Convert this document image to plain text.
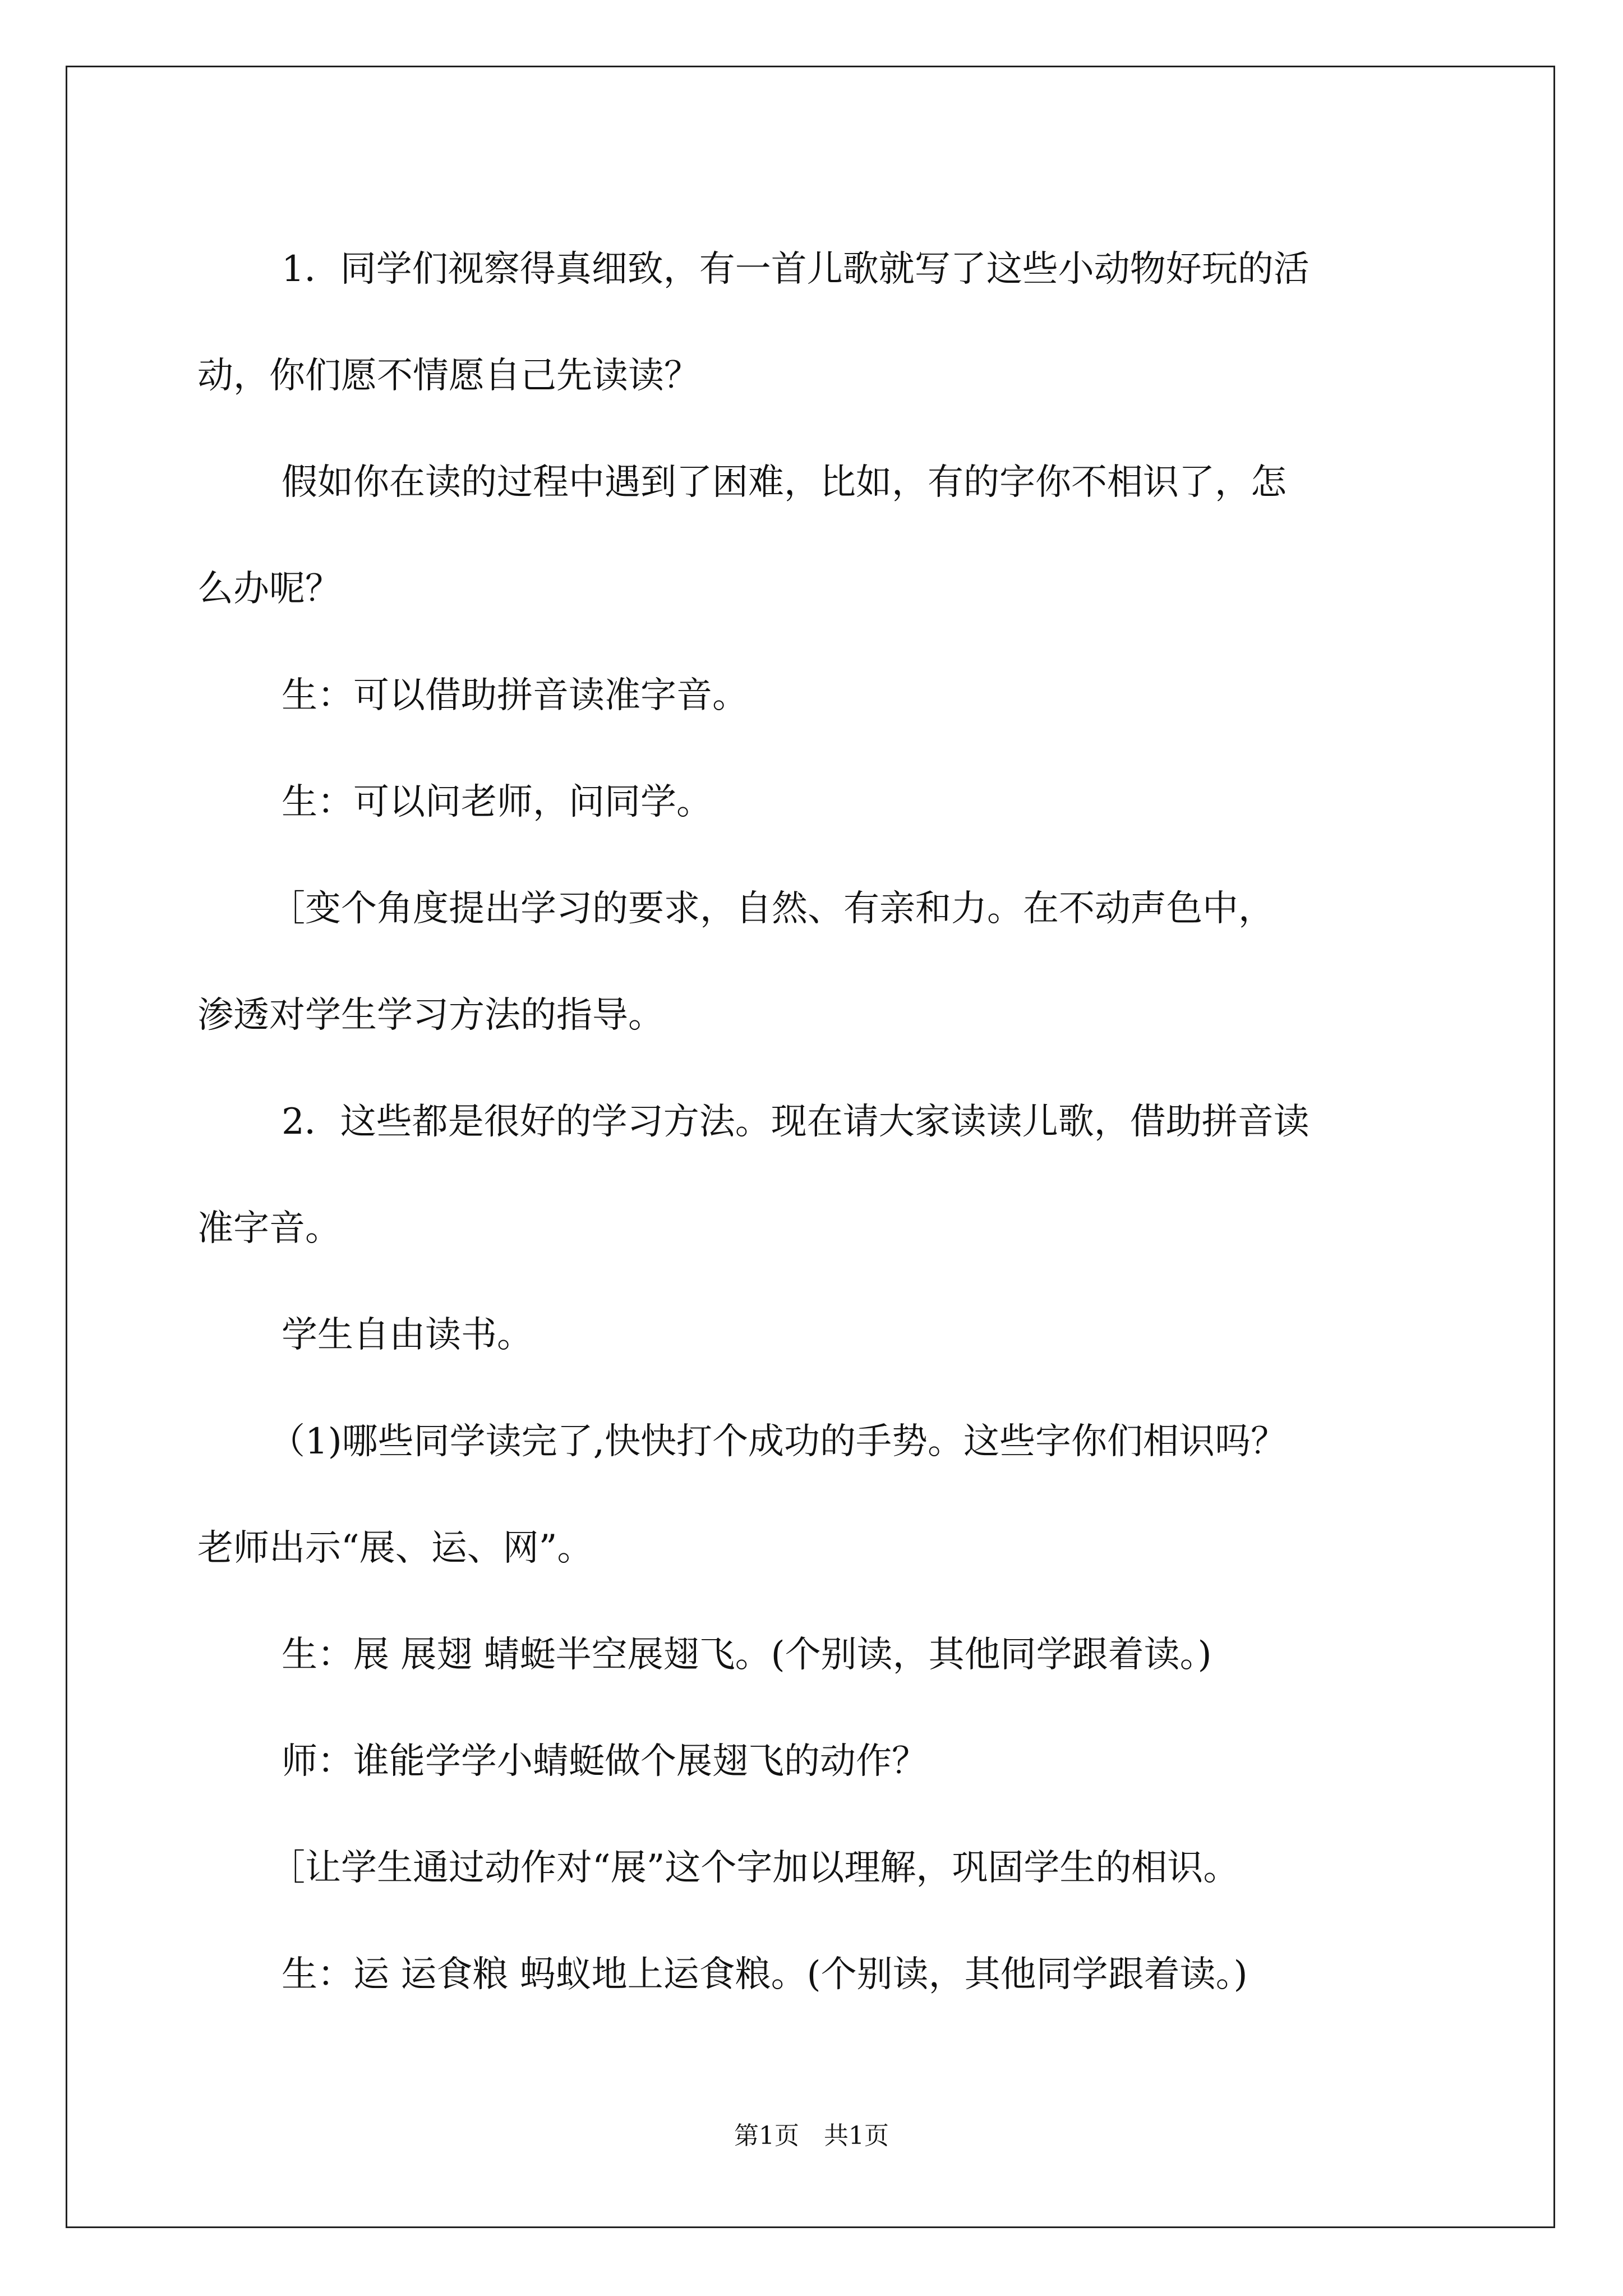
1．同学们视察得真细致，有一首儿歌就写了这些小动物好玩的活

动，你们愿不情愿自己先读读？

假如你在读的过程中遇到了困难，比如，有的字你不相识了，怎

么办呢？

生：可以借助拼音读准字音。

生：可以问老师，问同学。

［变个角度提出学习的要求，自然、有亲和力。在不动声色中，

渗透对学生学习方法的指导。

2．这些都是很好的学习方法。现在请大家读读儿歌，借助拼音读

准字音。

学生自由读书。

（1)哪些同学读完了,快快打个成功的手势。这些字你们相识吗？

老师出示“展、运、网”。

生：展 展翅 蜻蜓半空展翅飞。(个别读，其他同学跟着读。)

师：谁能学学小蜻蜓做个展翅飞的动作？

［让学生通过动作对“展”这个字加以理解，巩固学生的相识。

生：运 运食粮 蚂蚁地上运食粮。(个别读，其他同学跟着读。)

第1页　共1页
